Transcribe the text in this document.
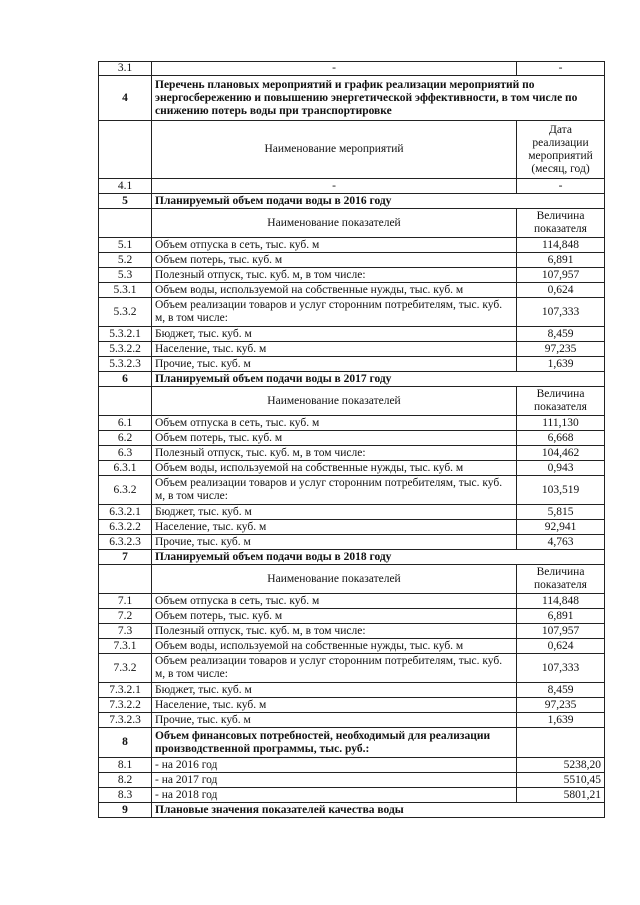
3.1	-	-
4	Перечень плановых мероприятий и график реализации мероприятий по энергосбережению и повышению энергетической эффективности, в том числе по снижению потерь воды при транспортировке	
	Наименование мероприятий	Дата реализации мероприятий (месяц, год)
4.1	-	-
5	Планируемый объем подачи воды в 2016 году	
	Наименование показателей	Величина показателя
5.1	Объем отпуска в сеть, тыс. куб. м	114,848
5.2	Объем потерь, тыс. куб. м	6,891
5.3	Полезный отпуск, тыс. куб. м, в том числе:	107,957
5.3.1	Объем воды, используемой на собственные нужды, тыс. куб. м	0,624
5.3.2	Объем реализации товаров и услуг сторонним потребителям, тыс. куб. м, в том числе:	107,333
5.3.2.1	Бюджет, тыс. куб. м	8,459
5.3.2.2	Население, тыс. куб. м	97,235
5.3.2.3	Прочие, тыс. куб. м	1,639
6	Планируемый объем подачи воды в 2017 году	
	Наименование показателей	Величина показателя
6.1	Объем отпуска в сеть, тыс. куб. м	111,130
6.2	Объем потерь, тыс. куб. м	6,668
6.3	Полезный отпуск, тыс. куб. м, в том числе:	104,462
6.3.1	Объем воды, используемой на собственные нужды, тыс. куб. м	0,943
6.3.2	Объем реализации товаров и услуг сторонним потребителям, тыс. куб. м, в том числе:	103,519
6.3.2.1	Бюджет, тыс. куб. м	5,815
6.3.2.2	Население, тыс. куб. м	92,941
6.3.2.3	Прочие, тыс. куб. м	4,763
7	Планируемый объем подачи воды в 2018 году	
	Наименование показателей	Величина показателя
7.1	Объем отпуска в сеть, тыс. куб. м	114,848
7.2	Объем потерь, тыс. куб. м	6,891
7.3	Полезный отпуск, тыс. куб. м, в том числе:	107,957
7.3.1	Объем воды, используемой на собственные нужды, тыс. куб. м	0,624
7.3.2	Объем реализации товаров и услуг сторонним потребителям, тыс. куб. м, в том числе:	107,333
7.3.2.1	Бюджет, тыс. куб. м	8,459
7.3.2.2	Население, тыс. куб. м	97,235
7.3.2.3	Прочие, тыс. куб. м	1,639
8	Объем финансовых потребностей, необходимый для реализации производственной программы, тыс. руб.:	
8.1	- на 2016 год	5238,20
8.2	- на 2017 год	5510,45
8.3	- на 2018 год	5801,21
9	Плановые значения показателей качества воды	
